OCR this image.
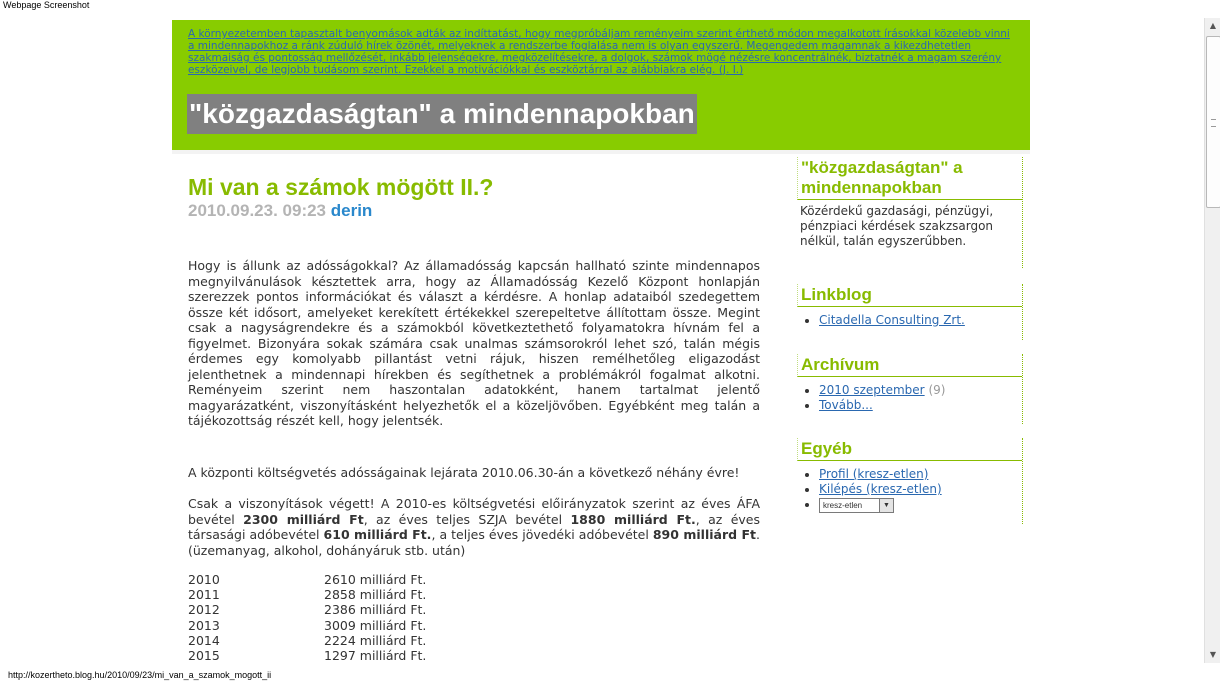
Webpage Screenshot
A környezetemben tapasztalt benyomások adták az indíttatást, hogy megpróbáljam reményeim szerint érthető módon megalkotott írásokkal közelebb vinni a mindennapokhoz a ránk zúduló hírek özönét, melyeknek a rendszerbe foglalása nem is olyan egyszerű. Megengedem magamnak a kikezdhetetlen szakmaiság és pontosság mellőzését, inkább jelenségekre, megközelítésekre, a dolgok, számok mögé nézésre koncentrálnék, biztatnék a magam szerény eszközeivel, de legjobb tudásom szerint. Ezekkel a motivációkkal és eszköztárral az alábbiakra elég. (J. I.)
"közgazdaságtan" a mindennapokban
Mi van a számok mögött II.?
2010.09.23. 09:23 derin

Hogy is állunk az adósságokkal? Az államadósság kapcsán hallható szinte mindennapos megnyilvánulások késztettek arra, hogy az Államadósság Kezelő Központ honlapján szerezzek pontos információkat és választ a kérdésre. A honlap adataiból szedegettem össze két idősort, amelyeket kerekített értékekkel szerepeltetve állítottam össze. Megint csak a nagyságrendekre és a számokból következtethető folyamatokra hívnám fel a figyelmet. Bizonyára sokak számára csak unalmas számsorokról lehet szó, talán mégis érdemes egy komolyabb pillantást vetni rájuk, hiszen remélhetőleg eligazodást jelenthetnek a mindennapi hírekben és segíthetnek a problémákról fogalmat alkotni. Reményeim szerint nem haszontalan adatokként, hanem tartalmat jelentő magyarázatként, viszonyításként helyezhetők el a közeljövőben. Egyébként meg talán a tájékozottság részét kell, hogy jelentsék.

A központi költségvetés adósságainak lejárata 2010.06.30-án a következő néhány évre!
Csak a viszonyítások végett! A 2010-es költségvetési előirányzatok szerint az éves ÁFA bevétel 2300 milliárd Ft, az éves teljes SZJA bevétel 1880 milliárd Ft., az éves társasági adóbevétel 610 milliárd Ft., a teljes éves jövedéki adóbevétel 890 milliárd Ft. (üzemanyag, alkohol, dohányáruk stb. után)
2010	2610 milliárd Ft.
2011	2858 milliárd Ft.
2012	2386 milliárd Ft.
2013	3009 milliárd Ft.
2014	2224 milliárd Ft.
2015	1297 milliárd Ft.
"közgazdaságtan" a mindennapokban
Közérdekű gazdasági, pénzügyi, pénzpiaci kérdések szakzsargon nélkül, talán egyszerűbben.
Linkblog
• Citadella Consulting Zrt.
Archívum
• 2010 szeptember (9)
• Tovább...
Egyéb
• Profil (kresz-etlen)
• Kilépés (kresz-etlen)
• kresz-etlen	▼
▲
▼
http://kozertheto.blog.hu/2010/09/23/mi_van_a_szamok_mogott_ii
